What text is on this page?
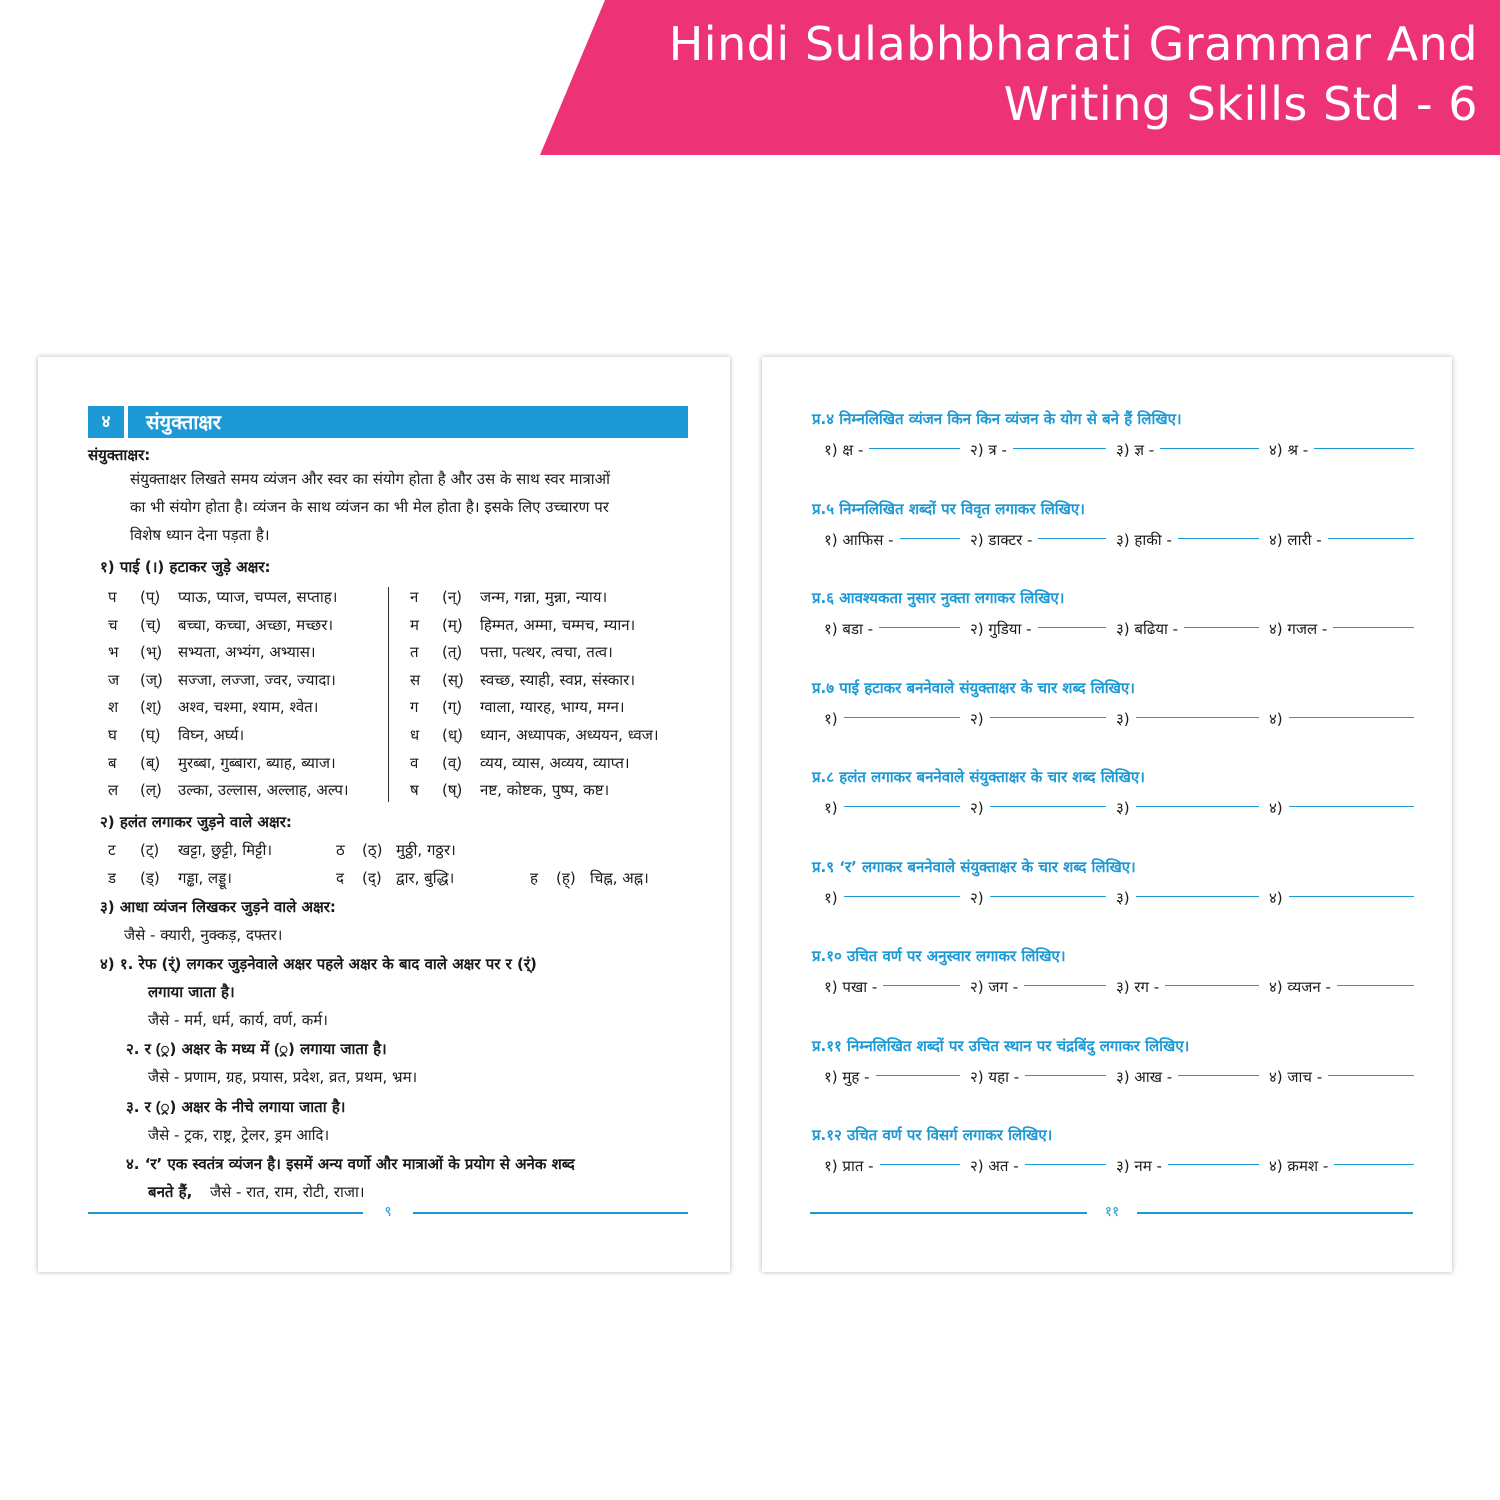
Hindi Sulabhbharati Grammar And
Writing Skills Std - 6
४	संयुक्ताक्षर
संयुक्ताक्षर:
संयुक्ताक्षर लिखते समय व्यंजन और स्वर का संयोग होता है और उस के साथ स्वर मात्राओं
का भी संयोग होता है। व्यंजन के साथ व्यंजन का भी मेल होता है। इसके लिए उच्चारण पर
विशेष ध्यान देना पड़ता है।
१) पाई (।) हटाकर जुड़े अक्षर:
प (प्) प्याऊ, प्याज, चप्पल, सप्ताह।
च (च्) बच्चा, कच्चा, अच्छा, मच्छर।
भ (भ्) सभ्यता, अभ्यंग, अभ्यास।
ज (ज्) सज्जा, लज्जा, ज्वर, ज्यादा।
श (श्) अश्व, चश्मा, श्याम, श्वेत।
घ (घ्) विघ्न, अर्घ्य।
ब (ब्) मुरब्बा, गुब्बारा, ब्याह, ब्याज।
ल (ल्) उल्का, उल्लास, अल्लाह, अल्प।
न (न्) जन्म, गन्ना, मुन्ना, न्याय।
म (म्) हिम्मत, अम्मा, चम्मच, म्यान।
त (त्) पत्ता, पत्थर, त्वचा, तत्व।
स (स्) स्वच्छ, स्याही, स्वप्न, संस्कार।
ग (ग्) ग्वाला, ग्यारह, भाग्य, मग्न।
ध (ध्) ध्यान, अध्यापक, अध्ययन, ध्वज।
व (व्) व्यय, व्यास, अव्यय, व्याप्त।
ष (ष्) नष्ट, कोष्टक, पुष्प, कष्ट।
२) हलंत लगाकर जुड़ने वाले अक्षर:
ट (ट्) खट्टा, छुट्टी, मिट्टी।	ठ (ठ्) मुठ्ठी, गठ्ठर।
ड (ड्) गड्ढा, लड्डू।	द (द्) द्वार, बुद्धि।	ह (ह्) चिह्न, अह्न।
३) आधा व्यंजन लिखकर जुड़ने वाले अक्षर:
जैसे - क्यारी, नुक्कड़, दफ्तर।
४) १. रेफ (र्ं) लगकर जुड़नेवाले अक्षर पहले अक्षर के बाद वाले अक्षर पर र (र्ं)
लगाया जाता है।
जैसे - मर्म, धर्म, कार्य, वर्ण, कर्म।
२. र (्र) अक्षर के मध्य में (्र) लगाया जाता है।
जैसे - प्रणाम, ग्रह, प्रयास, प्रदेश, व्रत, प्रथम, भ्रम।
३. र (्र) अक्षर के नीचे लगाया जाता है।
जैसे - ट्रक, राष्ट्र, ट्रेलर, ड्रम आदि।
४. ‘र’ एक स्वतंत्र व्यंजन है। इसमें अन्य वर्णो और मात्राओं के प्रयोग से अनेक शब्द
बनते हैं, जैसे - रात, राम, रोटी, राजा।
९
प्र.४ निम्नलिखित व्यंजन किन किन व्यंजन के योग से बने हैं लिखिए।
१) क्ष -	२) त्र -	३) ज्ञ -	४) श्र -
प्र.५ निम्नलिखित शब्दों पर विवृत लगाकर लिखिए।
१) आफिस -	२) डाक्टर -	३) हाकी -	४) लारी -
प्र.६ आवश्यकता नुसार नुक्ता लगाकर लिखिए।
१) बडा -	२) गुडिया -	३) बढिया -	४) गजल -
प्र.७ पाई हटाकर बननेवाले संयुक्ताक्षर के चार शब्द लिखिए।
१)	२)	३)	४)
प्र.८ हलंत लगाकर बननेवाले संयुक्ताक्षर के चार शब्द लिखिए।
१)	२)	३)	४)
प्र.९ ‘र’ लगाकर बननेवाले संयुक्ताक्षर के चार शब्द लिखिए।
१)	२)	३)	४)
प्र.१० उचित वर्ण पर अनुस्वार लगाकर लिखिए।
१) पखा -	२) जग -	३) रग -	४) व्यजन -
प्र.११ निम्नलिखित शब्दों पर उचित स्थान पर चंद्रबिंदु लगाकर लिखिए।
१) मुह -	२) यहा -	३) आख -	४) जाच -
प्र.१२ उचित वर्ण पर विसर्ग लगाकर लिखिए।
१) प्रात -	२) अत -	३) नम -	४) क्रमश -
११
